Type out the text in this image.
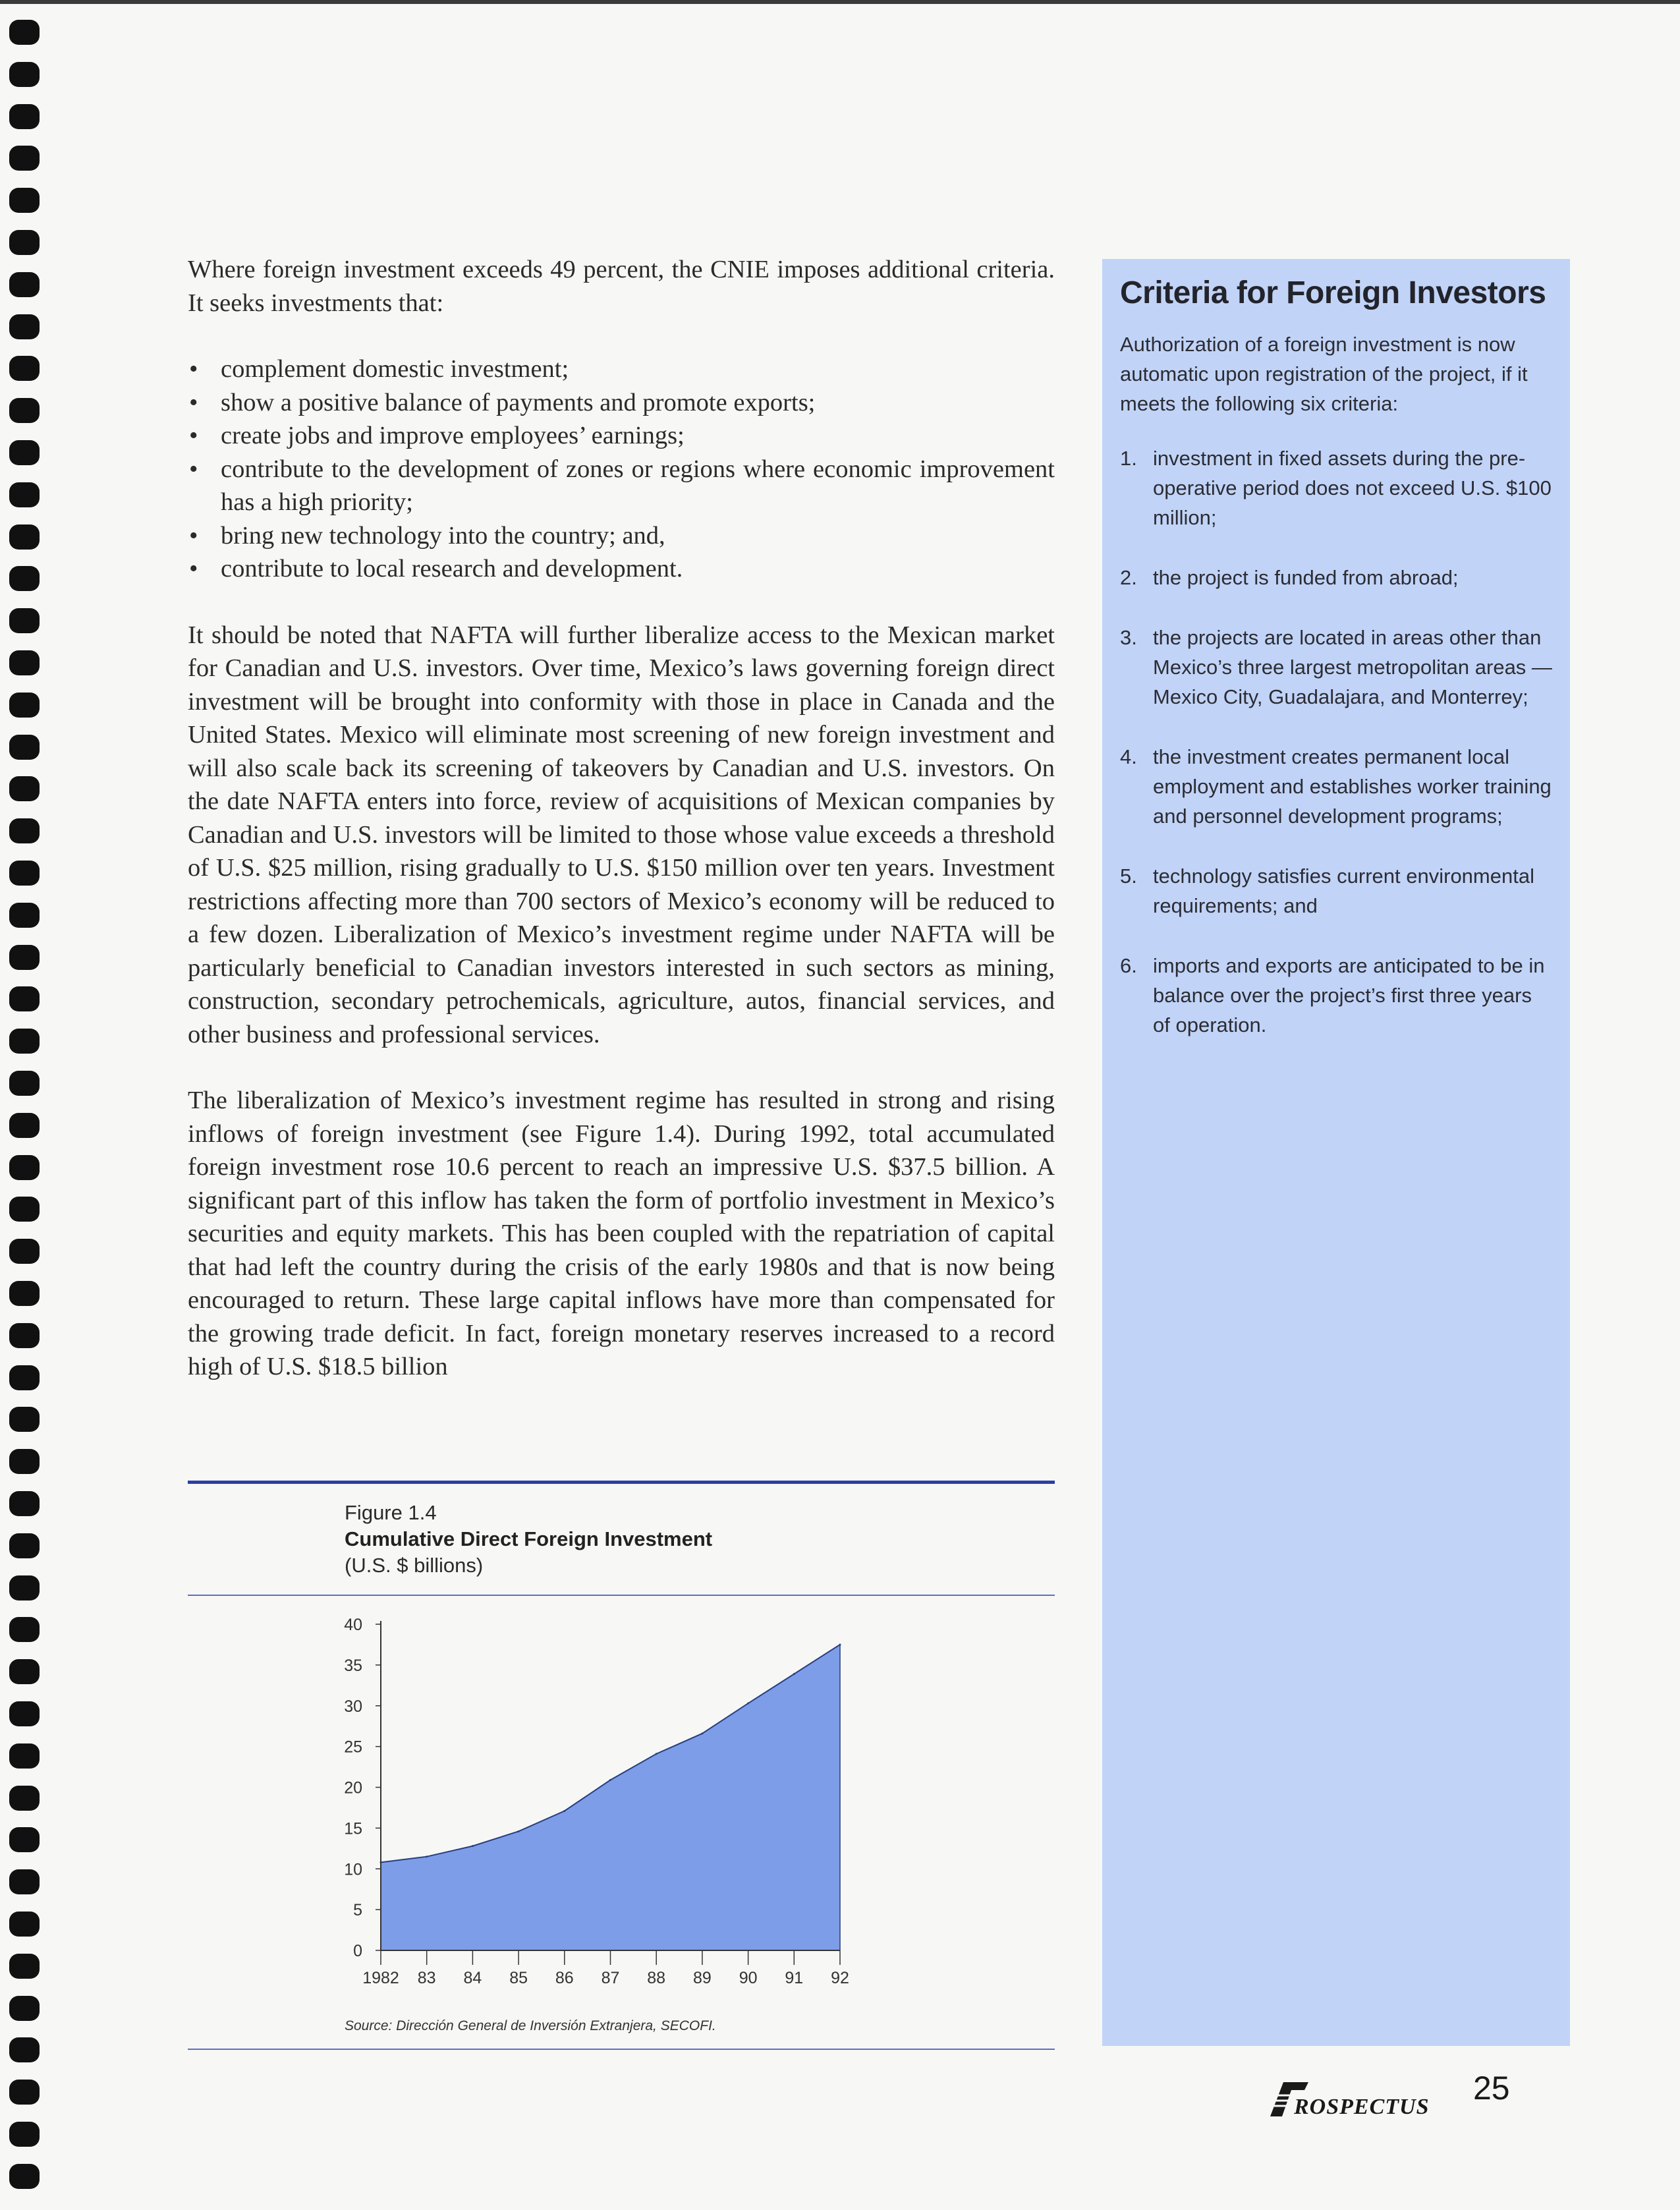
Where foreign investment exceeds 49 percent, the CNIE imposes additional criteria. It seeks investments that:

• complement domestic investment;
• show a positive balance of payments and promote exports;
• create jobs and improve employees’ earnings;
• contribute to the development of zones or regions where economic improvement has a high priority;
• bring new technology into the country; and,
• contribute to local research and development.

It should be noted that NAFTA will further liberalize access to the Mexican market for Canadian and U.S. investors. Over time, Mexico’s laws governing foreign direct investment will be brought into conformity with those in place in Canada and the United States. Mexico will eliminate most screening of new foreign investment and will also scale back its screening of takeovers by Canadian and U.S. investors. On the date NAFTA enters into force, review of acquisitions of Mexican companies by Canadian and U.S. investors will be limited to those whose value exceeds a threshold of U.S. $25 million, rising gradually to U.S. $150 million over ten years. Investment restrictions affecting more than 700 sectors of Mexico’s economy will be reduced to a few dozen. Liberalization of Mexico’s investment regime under NAFTA will be particularly beneficial to Canadian investors interested in such sectors as mining, construction, secondary petrochemicals, agriculture, autos, financial services, and other business and professional services.

The liberalization of Mexico’s investment regime has resulted in strong and rising inflows of foreign investment (see Figure 1.4). During 1992, total accumulated foreign investment rose 10.6 percent to reach an impressive U.S. $37.5 billion. A significant part of this inflow has taken the form of portfolio investment in Mexico’s securities and equity markets. This has been coupled with the repatriation of capital that had left the country during the crisis of the early 1980s and that is now being encouraged to return. These large capital inflows have more than compensated for the growing trade deficit. In fact, foreign monetary reserves increased to a record high of U.S. $18.5 billion

Criteria for Foreign Investors

Authorization of a foreign investment is now automatic upon registration of the project, if it meets the following six criteria:

1. investment in fixed assets during the pre-operative period does not exceed U.S. $100 million;
2. the project is funded from abroad;
3. the projects are located in areas other than Mexico’s three largest metropolitan areas — Mexico City, Guadalajara, and Monterrey;
4. the investment creates permanent local employment and establishes worker training and personnel development programs;
5. technology satisfies current environmental requirements; and
6. imports and exports are anticipated to be in balance over the project’s first three years of operation.
Figure 1.4
Cumulative Direct Foreign Investment
(U.S. $ billions)
0
5
10
15
20
25
30
35
40
1982 83 84 85 86 87 88 89 90 91 92
Source: Dirección General de Inversión Extranjera, SECOFI.
ROSPECTUS
25
